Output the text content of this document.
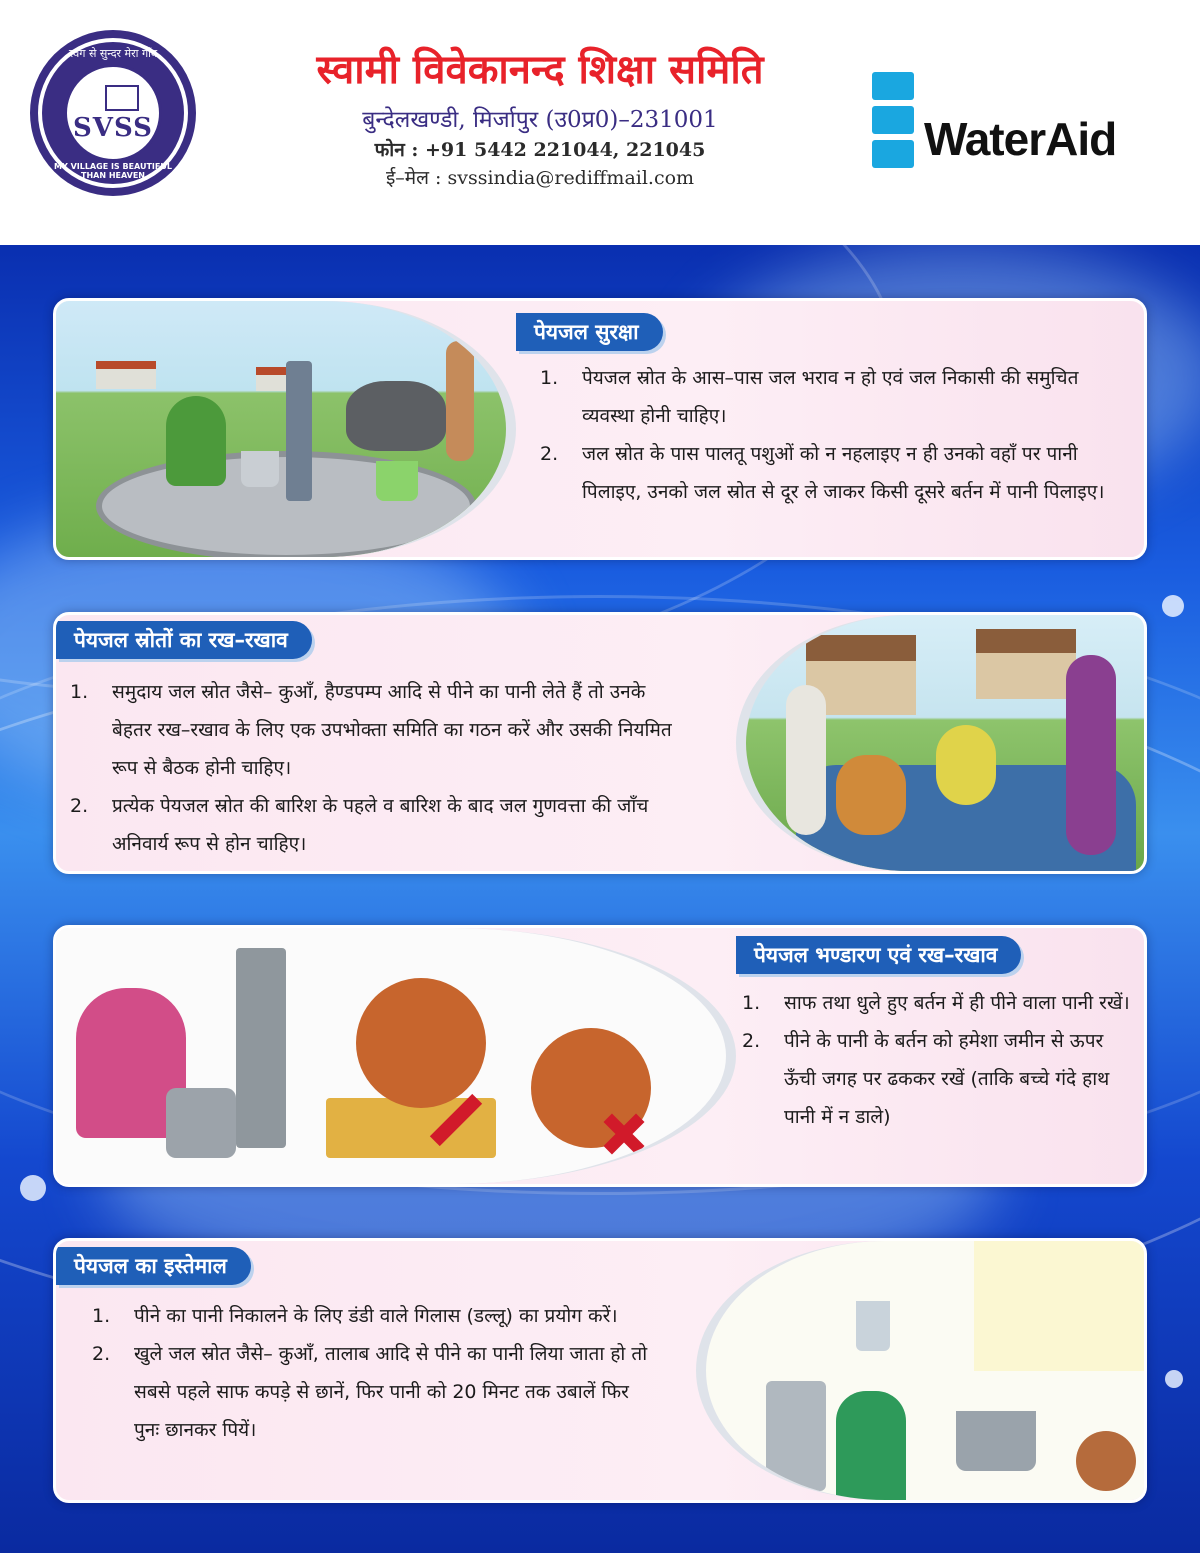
स्वंग से सुन्दर मेरा गाँव
MY VILLAGE IS BEAUTIFUL THAN HEAVEN
SVSS
स्वामी विवेकानन्द शिक्षा समिति
बुन्देलखण्डी, मिर्जापुर (उ0प्र0)–231001
फोन : +91 5442 221044, 221045
ई–मेल : svssindia@rediffmail.com
WaterAid
पेयजल सुरक्षा
1. पेयजल स्रोत के आस–पास जल भराव न हो एवं जल निकासी की समुचित व्यवस्था होनी चाहिए।
2. जल स्रोत के पास पालतू पशुओं को न नहलाइए न ही उनको वहाँ पर पानी पिलाइए, उनको जल स्रोत से दूर ले जाकर किसी दूसरे बर्तन में पानी पिलाइए।
पेयजल स्रोतों का रख–रखाव
1. समुदाय जल स्रोत जैसे– कुआँ, हैण्डपम्प आदि से पीने का पानी लेते हैं तो उनके बेहतर रख–रखाव के लिए एक उपभोक्ता समिति का गठन करें और उसकी नियमित रूप से बैठक होनी चाहिए।
2. प्रत्येक पेयजल स्रोत की बारिश के पहले व बारिश के बाद जल गुणवत्ता की जाँच अनिवार्य रूप से होन चाहिए।
पेयजल भण्डारण एवं रख–रखाव
1. साफ तथा धुले हुए बर्तन में ही पीने वाला पानी रखें।
2. पीने के पानी के बर्तन को हमेशा जमीन से ऊपर ऊँची जगह पर ढककर रखें (ताकि बच्चे गंदे हाथ पानी में न डाले)
पेयजल का इस्तेमाल
1. पीने का पानी निकालने के लिए डंडी वाले गिलास (डल्लू) का प्रयोग करें।
2. खुले जल स्रोत जैसे– कुआँ, तालाब आदि से पीने का पानी लिया जाता हो तो सबसे पहले साफ कपड़े से छानें, फिर पानी को 20 मिनट तक उबालें फिर पुनः छानकर पियें।
